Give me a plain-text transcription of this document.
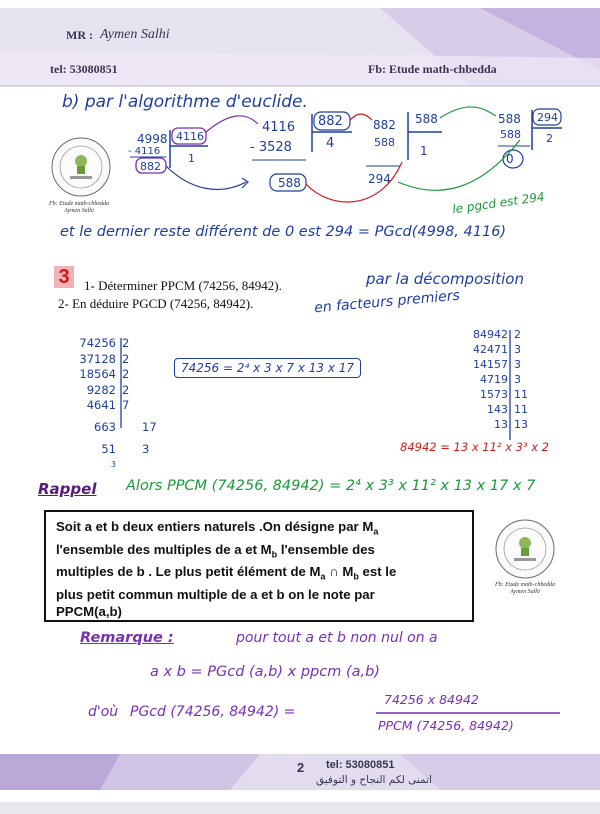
MR : Aymen Salhi
tel: 53080851	Fb: Etude math-chbedda
b) par l'algorithme d'euclide.
4998
- 4116
882
1
4116
4116
- 3528
882
4
588
882
588
588
1
294
588
588
294
2
0
le pgcd est 294
Fb: Etude math-chbedda
Aymen Salhi
et le dernier reste différent de 0 est 294 = PGcd(4998, 4116)
3	1- Déterminer PPCM (74256, 84942).
2- En déduire PGCD (74256, 84942).
par la décomposition
en facteurs premiers
74256 2
37128 2
18564 2
9282 2
4641 7
663	17
51	3
3
74256 = 2⁴ x 3 x 7 x 13 x 17
84942 2
42471 3
14157 3
4719 3
1573 11
143 11
13 13
84942 = 13 x 11² x 3³ x 2
Rappel Alors PPCM (74256, 84942) = 2⁴ x 3³ x 11² x 13 x 17 x 7
Soit a et b deux entiers naturels .On désigne par $M_a$
l'ensemble des multiples de a et $M_b$ l'ensemble des
multiples de b . Le plus petit élément de $M_a$ ∩ $M_b$ est le
plus petit commun multiple de a et b on le note par
PPCM(a,b)
Fb: Etude math-chbedda
Aymen Salhi
Remarque :	pour tout a et b non nul on a
a x b = PGcd (a,b) x ppcm (a,b)
d'où PGcd (74256, 84942) =
74256 x 84942
PPCM (74256, 84942)
2 tel: 53080851
اتمنى لكم النجاح و التوفيق
